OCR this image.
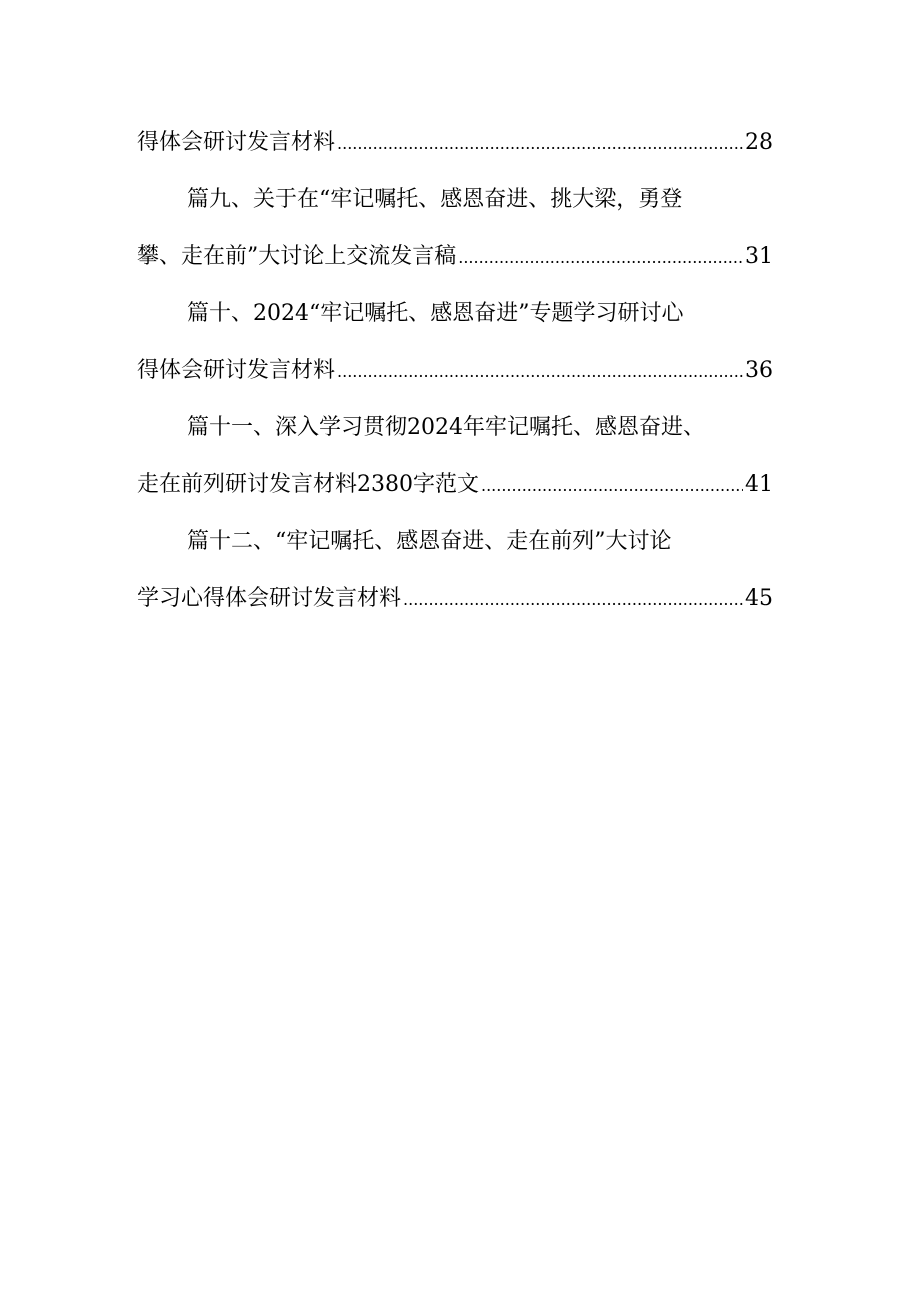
得体会研讨发言材料 .....	28
篇九、关于在“牢记嘱托、感恩奋进、挑大梁，勇登
攀、走在前”大讨论上交流发言稿 .....	31
篇十、2024“牢记嘱托、感恩奋进”专题学习研讨心
得体会研讨发言材料 .....	36
篇十一、深入学习贯彻2024年牢记嘱托、感恩奋进、
走在前列研讨发言材料2380字范文 .....	41
篇十二、“牢记嘱托、感恩奋进、走在前列”大讨论
学习心得体会研讨发言材料 .....	45
